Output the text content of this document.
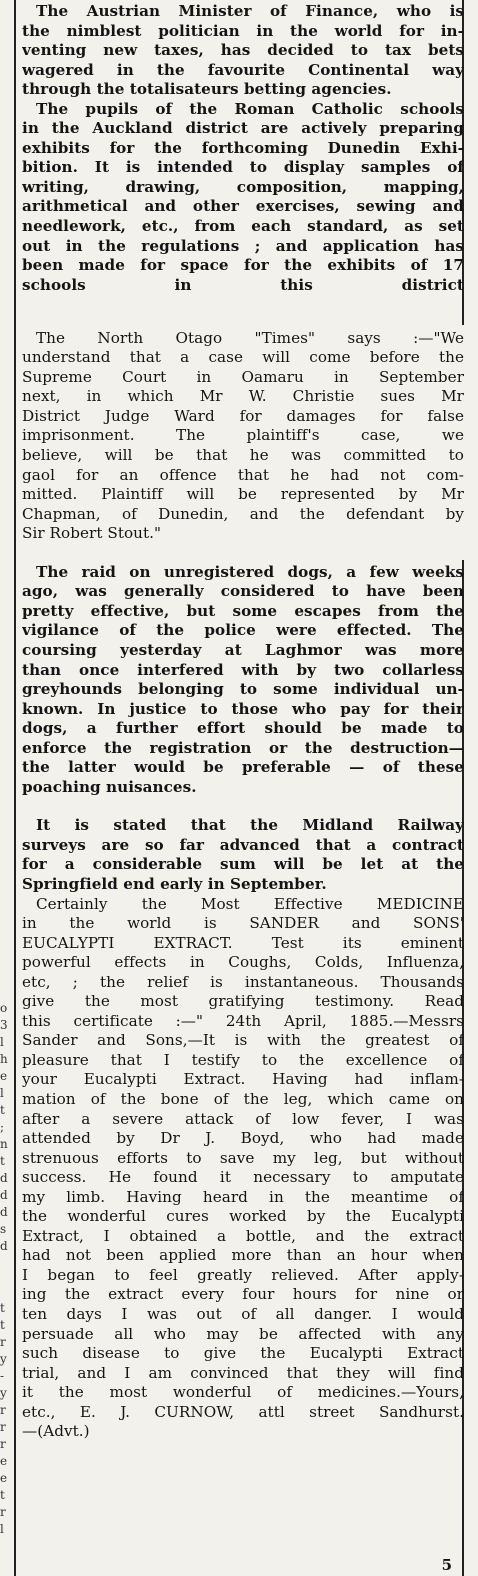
o
3
l
h
e
l
t
;
n
t
d
d
d
s
d
t
t
r
y
-
y
r
r
r
e
e
t
r
l
The Austrian Minister of Finance, who is
the nimblest politician in the world for in-
venting new taxes, has decided to tax bets
wagered in the favourite Continental way
through the totalisateurs betting agencies.
The pupils of the Roman Catholic schools
in the Auckland district are actively preparing
exhibits for the forthcoming Dunedin Exhi-
bition. It is intended to display samples of
writing, drawing, composition, mapping,
arithmetical and other exercises, sewing and
needlework, etc., from each standard, as set
out in the regulations ; and application has
been made for space for the exhibits of 17
schools in this district
The North Otago "Times" says :—"We
understand that a case will come before the
Supreme Court in Oamaru in September
next, in which Mr W. Christie sues Mr
District Judge Ward for damages for false
imprisonment. The plaintiff's case, we
believe, will be that he was committed to
gaol for an offence that he had not com-
mitted. Plaintiff will be represented by Mr
Chapman, of Dunedin, and the defendant by
Sir Robert Stout."
The raid on unregistered dogs, a few weeks
ago, was generally considered to have been
pretty effective, but some escapes from the
vigilance of the police were effected. The
coursing yesterday at Laghmor was more
than once interfered with by two collarless
greyhounds belonging to some individual un-
known. In justice to those who pay for their
dogs, a further effort should be made to
enforce the registration or the destruction—
the latter would be preferable — of these
poaching nuisances.
It is stated that the Midland Railway
surveys are so far advanced that a contract
for a considerable sum will be let at the
Springfield end early in September.
Certainly the Most Effective MEDICINE
in the world is SANDER and SONS'
EUCALYPTI EXTRACT. Test its eminent
powerful effects in Coughs, Colds, Influenza,
etc, ; the relief is instantaneous. Thousands
give the most gratifying testimony. Read
this certificate :—" 24th April, 1885.—Messrs
Sander and Sons,—It is with the greatest of
pleasure that I testify to the excellence of
your Eucalypti Extract. Having had inflam-
mation of the bone of the leg, which came on
after a severe attack of low fever, I was
attended by Dr J. Boyd, who had made
strenuous efforts to save my leg, but without
success. He found it necessary to amputate
my limb. Having heard in the meantime of
the wonderful cures worked by the Eucalypti
Extract, I obtained a bottle, and the extract
had not been applied more than an hour when
I began to feel greatly relieved. After apply-
ing the extract every four hours for nine or
ten days I was out of all danger. I would
persuade all who may be affected with any
such disease to give the Eucalypti Extract
trial, and I am convinced that they will find
it the most wonderful of medicines.—Yours,
etc., E. J. CURNOW, attl street Sandhurst.
—(Advt.)
5
